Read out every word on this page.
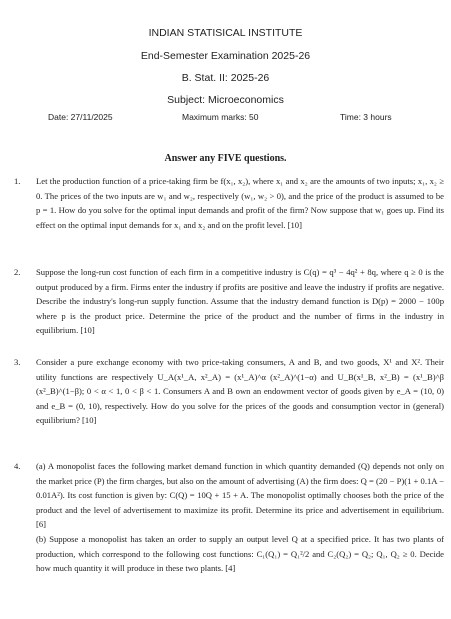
INDIAN STATISICAL INSTITUTE
End-Semester Examination 2025-26
B. Stat. II: 2025-26
Subject: Microeconomics
Date: 27/11/2025	Maximum marks: 50	Time: 3 hours
Answer any FIVE questions.
1.	Let the production function of a price-taking firm be f(x₁, x₂), where x₁ and x₂ are the amounts of two inputs; x₁, x₂ ≥ 0. The prices of the two inputs are w₁ and w₂, respectively (w₁, w₂ > 0), and the price of the product is assumed to be p = 1. How do you solve for the optimal input demands and profit of the firm? Now suppose that w₁ goes up. Find its effect on the optimal input demands for x₁ and x₂ and on the profit level. [10]
2.	Suppose the long-run cost function of each firm in a competitive industry is C(q) = q³ − 4q² + 8q, where q ≥ 0 is the output produced by a firm. Firms enter the industry if profits are positive and leave the industry if profits are negative. Describe the industry's long-run supply function. Assume that the industry demand function is D(p) = 2000 − 100p where p is the product price. Determine the price of the product and the number of firms in the industry in equilibrium. [10]
3.	Consider a pure exchange economy with two price-taking consumers, A and B, and two goods, X¹ and X². Their utility functions are respectively U_A(x¹_A, x²_A) = (x¹_A)^α (x²_A)^(1−α) and U_B(x¹_B, x²_B) = (x¹_B)^β (x²_B)^(1−β); 0 < α < 1, 0 < β < 1. Consumers A and B own an endowment vector of goods given by e_A = (10, 0) and e_B = (0, 10), respectively. How do you solve for the prices of the goods and consumption vector in (general) equilibrium? [10]
4.	(a) A monopolist faces the following market demand function in which quantity demanded (Q) depends not only on the market price (P) the firm charges, but also on the amount of advertising (A) the firm does: Q = (20 − P)(1 + 0.1A − 0.01A²). Its cost function is given by: C(Q) = 10Q + 15 + A. The monopolist optimally chooses both the price of the product and the level of advertisement to maximize its profit. Determine its price and advertisement in equilibrium. [6]
(b) Suppose a monopolist has taken an order to supply an output level Q at a specified price. It has two plants of production, which correspond to the following cost functions: C₁(Q₁) = Q₁²/2 and C₂(Q₂) = Q₂; Q₁, Q₂ ≥ 0. Decide how much quantity it will produce in these two plants. [4]
